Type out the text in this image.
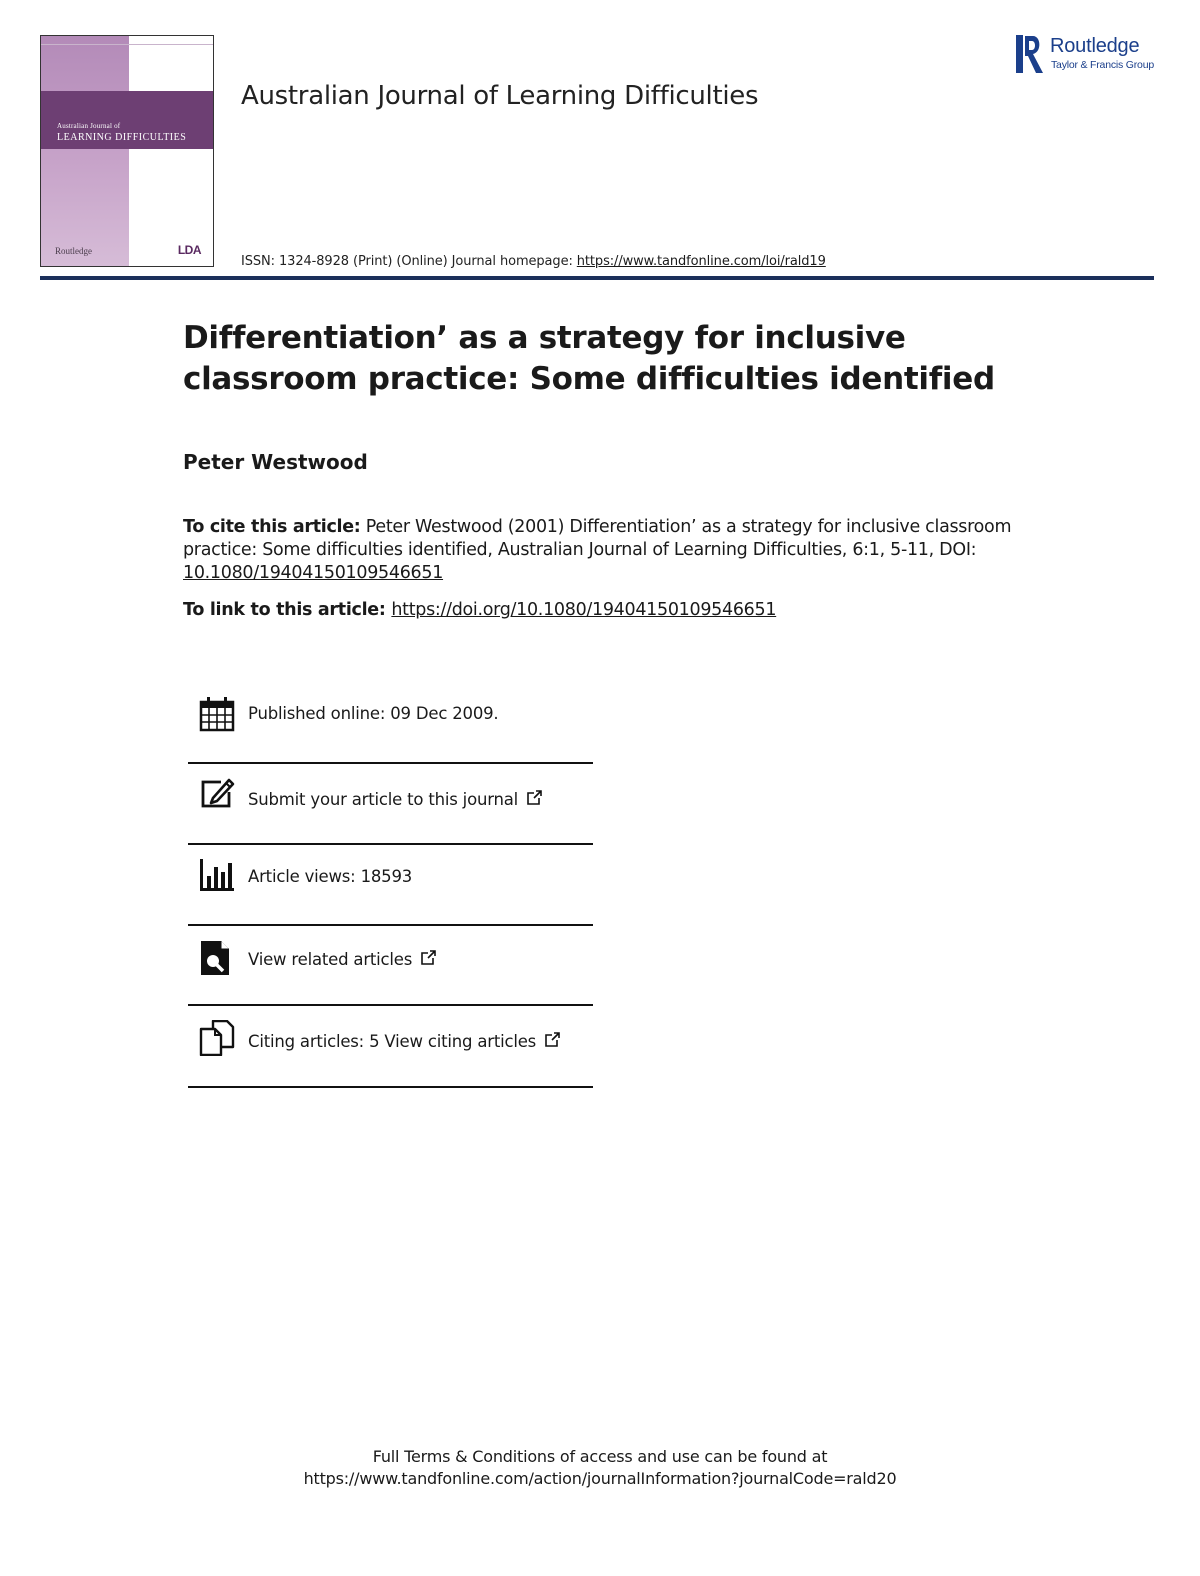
Australian Journal of
LEARNING DIFFICULTIES
Routledge	LDA
Australian Journal of Learning Difficulties
ISSN: 1324-8928 (Print) (Online) Journal homepage: https://www.tandfonline.com/loi/rald19
Routledge
Taylor & Francis Group
Differentiation’ as a strategy for inclusive classroom practice: Some difficulties identified
Peter Westwood
To cite this article: Peter Westwood (2001) Differentiation’ as a strategy for inclusive classroom practice: Some difficulties identified, Australian Journal of Learning Difficulties, 6:1, 5-11, DOI: 10.1080/19404150109546651
To link to this article: https://doi.org/10.1080/19404150109546651
Published online: 09 Dec 2009.
Submit your article to this journal
Article views: 18593
View related articles
Citing articles: 5 View citing articles
Full Terms & Conditions of access and use can be found at
https://www.tandfonline.com/action/journalInformation?journalCode=rald20
